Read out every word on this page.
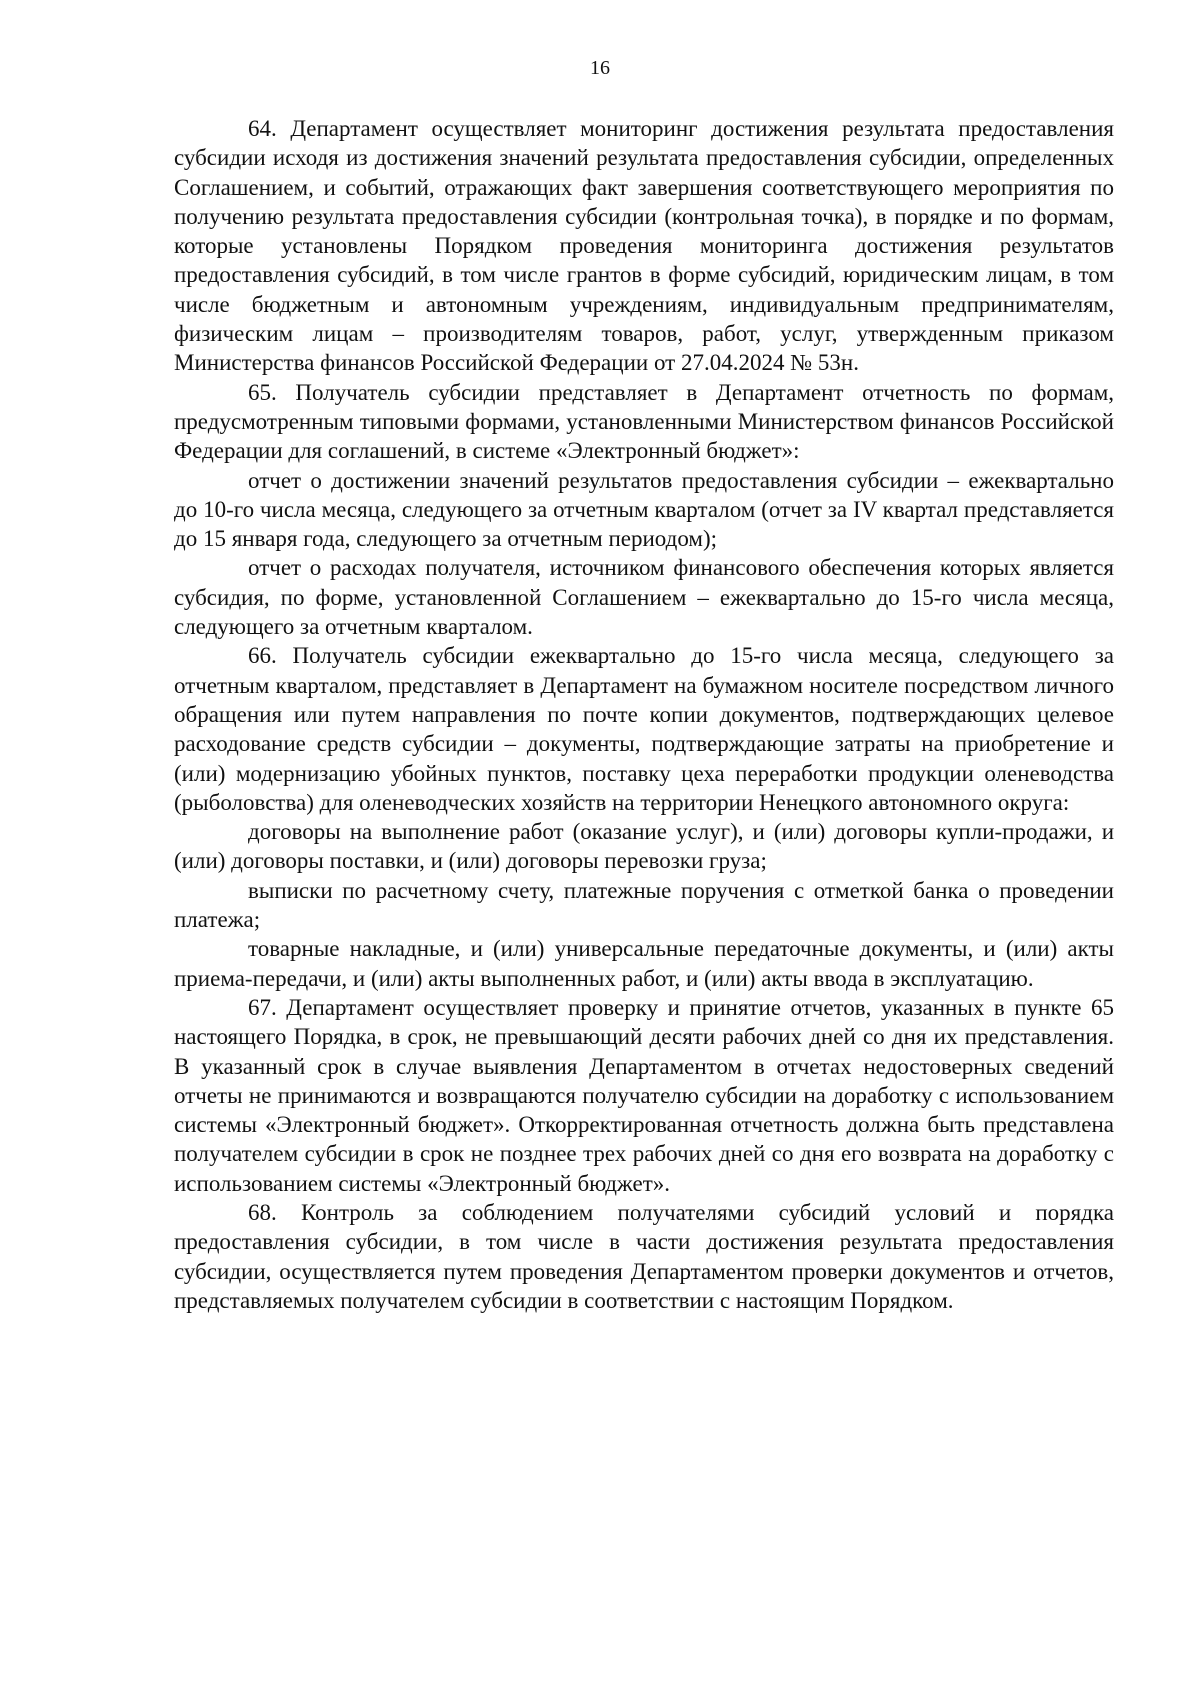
16

64. Департамент осуществляет мониторинг достижения результата предоставления субсидии исходя из достижения значений результата предоставления субсидии, определенных Соглашением, и событий, отражающих факт завершения соответствующего мероприятия по получению результата предоставления субсидии (контрольная точка), в порядке и по формам, которые установлены Порядком проведения мониторинга достижения результатов предоставления субсидий, в том числе грантов в форме субсидий, юридическим лицам, в том числе бюджетным и автономным учреждениям, индивидуальным предпринимателям, физическим лицам – производителям товаров, работ, услуг, утвержденным приказом Министерства финансов Российской Федерации от 27.04.2024 № 53н.

65. Получатель субсидии представляет в Департамент отчетность по формам, предусмотренным типовыми формами, установленными Министерством финансов Российской Федерации для соглашений, в системе «Электронный бюджет»:

отчет о достижении значений результатов предоставления субсидии – ежеквартально до 10-го числа месяца, следующего за отчетным кварталом (отчет за IV квартал представляется до 15 января года, следующего за отчетным периодом);

отчет о расходах получателя, источником финансового обеспечения которых является субсидия, по форме, установленной Соглашением – ежеквартально до 15-го числа месяца, следующего за отчетным кварталом.

66. Получатель субсидии ежеквартально до 15-го числа месяца, следующего за отчетным кварталом, представляет в Департамент на бумажном носителе посредством личного обращения или путем направления по почте копии документов, подтверждающих целевое расходование средств субсидии – документы, подтверждающие затраты на приобретение и (или) модернизацию убойных пунктов, поставку цеха переработки продукции оленеводства (рыболовства) для оленеводческих хозяйств на территории Ненецкого автономного округа:

договоры на выполнение работ (оказание услуг), и (или) договоры купли-продажи, и (или) договоры поставки, и (или) договоры перевозки груза;

выписки по расчетному счету, платежные поручения с отметкой банка о проведении платежа;

товарные накладные, и (или) универсальные передаточные документы, и (или) акты приема-передачи, и (или) акты выполненных работ, и (или) акты ввода в эксплуатацию.

67. Департамент осуществляет проверку и принятие отчетов, указанных в пункте 65 настоящего Порядка, в срок, не превышающий десяти рабочих дней со дня их представления. В указанный срок в случае выявления Департаментом в отчетах недостоверных сведений отчеты не принимаются и возвращаются получателю субсидии на доработку с использованием системы «Электронный бюджет». Откорректированная отчетность должна быть представлена получателем субсидии в срок не позднее трех рабочих дней со дня его возврата на доработку с использованием системы «Электронный бюджет».

68. Контроль за соблюдением получателями субсидий условий и порядка предоставления субсидии, в том числе в части достижения результата предоставления субсидии, осуществляется путем проведения Департаментом проверки документов и отчетов, представляемых получателем субсидии в соответствии с настоящим Порядком.
